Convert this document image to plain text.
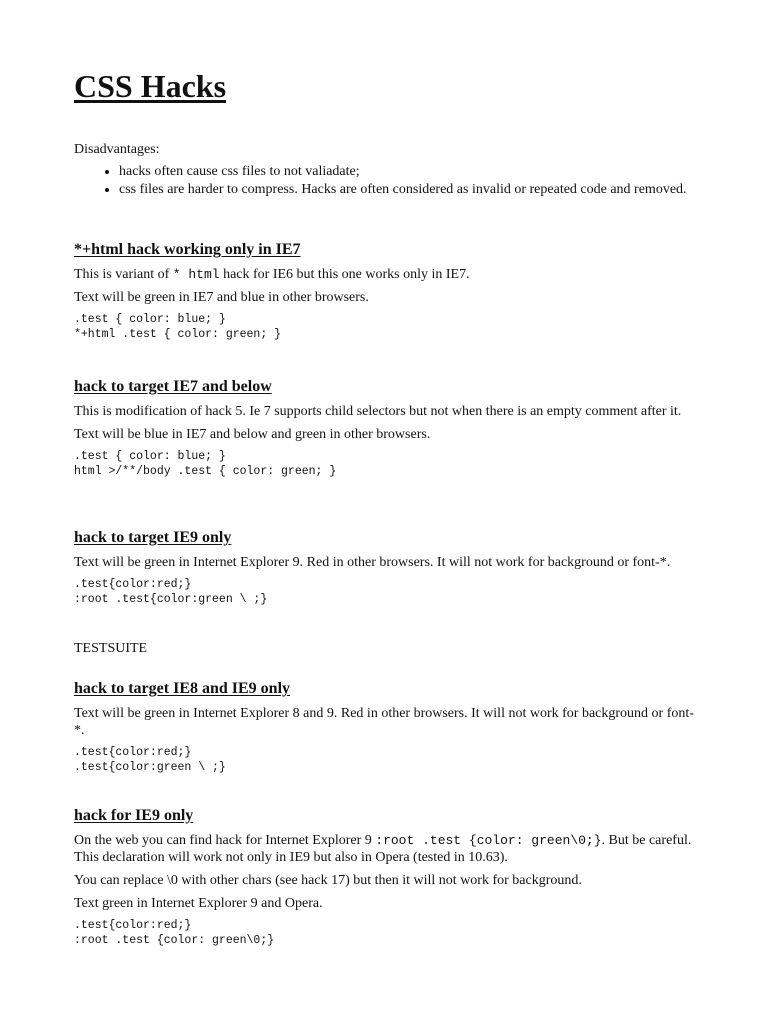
CSS Hacks
Disadvantages:
• hacks often cause css files to not valiadate;
• css files are harder to compress. Hacks are often considered as invalid or repeated code and removed.
*+html hack working only in IE7

This is variant of * html hack for IE6 but this one works only in IE7.

Text will be green in IE7 and blue in other browsers.

.test { color: blue; }
*+html .test { color: green; }
hack to target IE7 and below

This is modification of hack 5. Ie 7 supports child selectors but not when there is an empty comment after it.

Text will be blue in IE7 and below and green in other browsers.

.test { color: blue; }
html >/**/body .test { color: green; }
hack to target IE9 only

Text will be green in Internet Explorer 9. Red in other browsers. It will not work for background or font-*.

.test{color:red;}
:root .test{color:green \ ;}
TESTSUITE
hack to target IE8 and IE9 only

Text will be green in Internet Explorer 8 and 9. Red in other browsers. It will not work for background or font-*.

.test{color:red;}
.test{color:green \ ;}
hack for IE9 only

On the web you can find hack for Internet Explorer 9 :root .test {color: green\0;}. But be careful. This declaration will work not only in IE9 but also in Opera (tested in 10.63).

You can replace \0 with other chars (see hack 17) but then it will not work for background.

Text green in Internet Explorer 9 and Opera.

.test{color:red;}
:root .test {color: green\0;}
